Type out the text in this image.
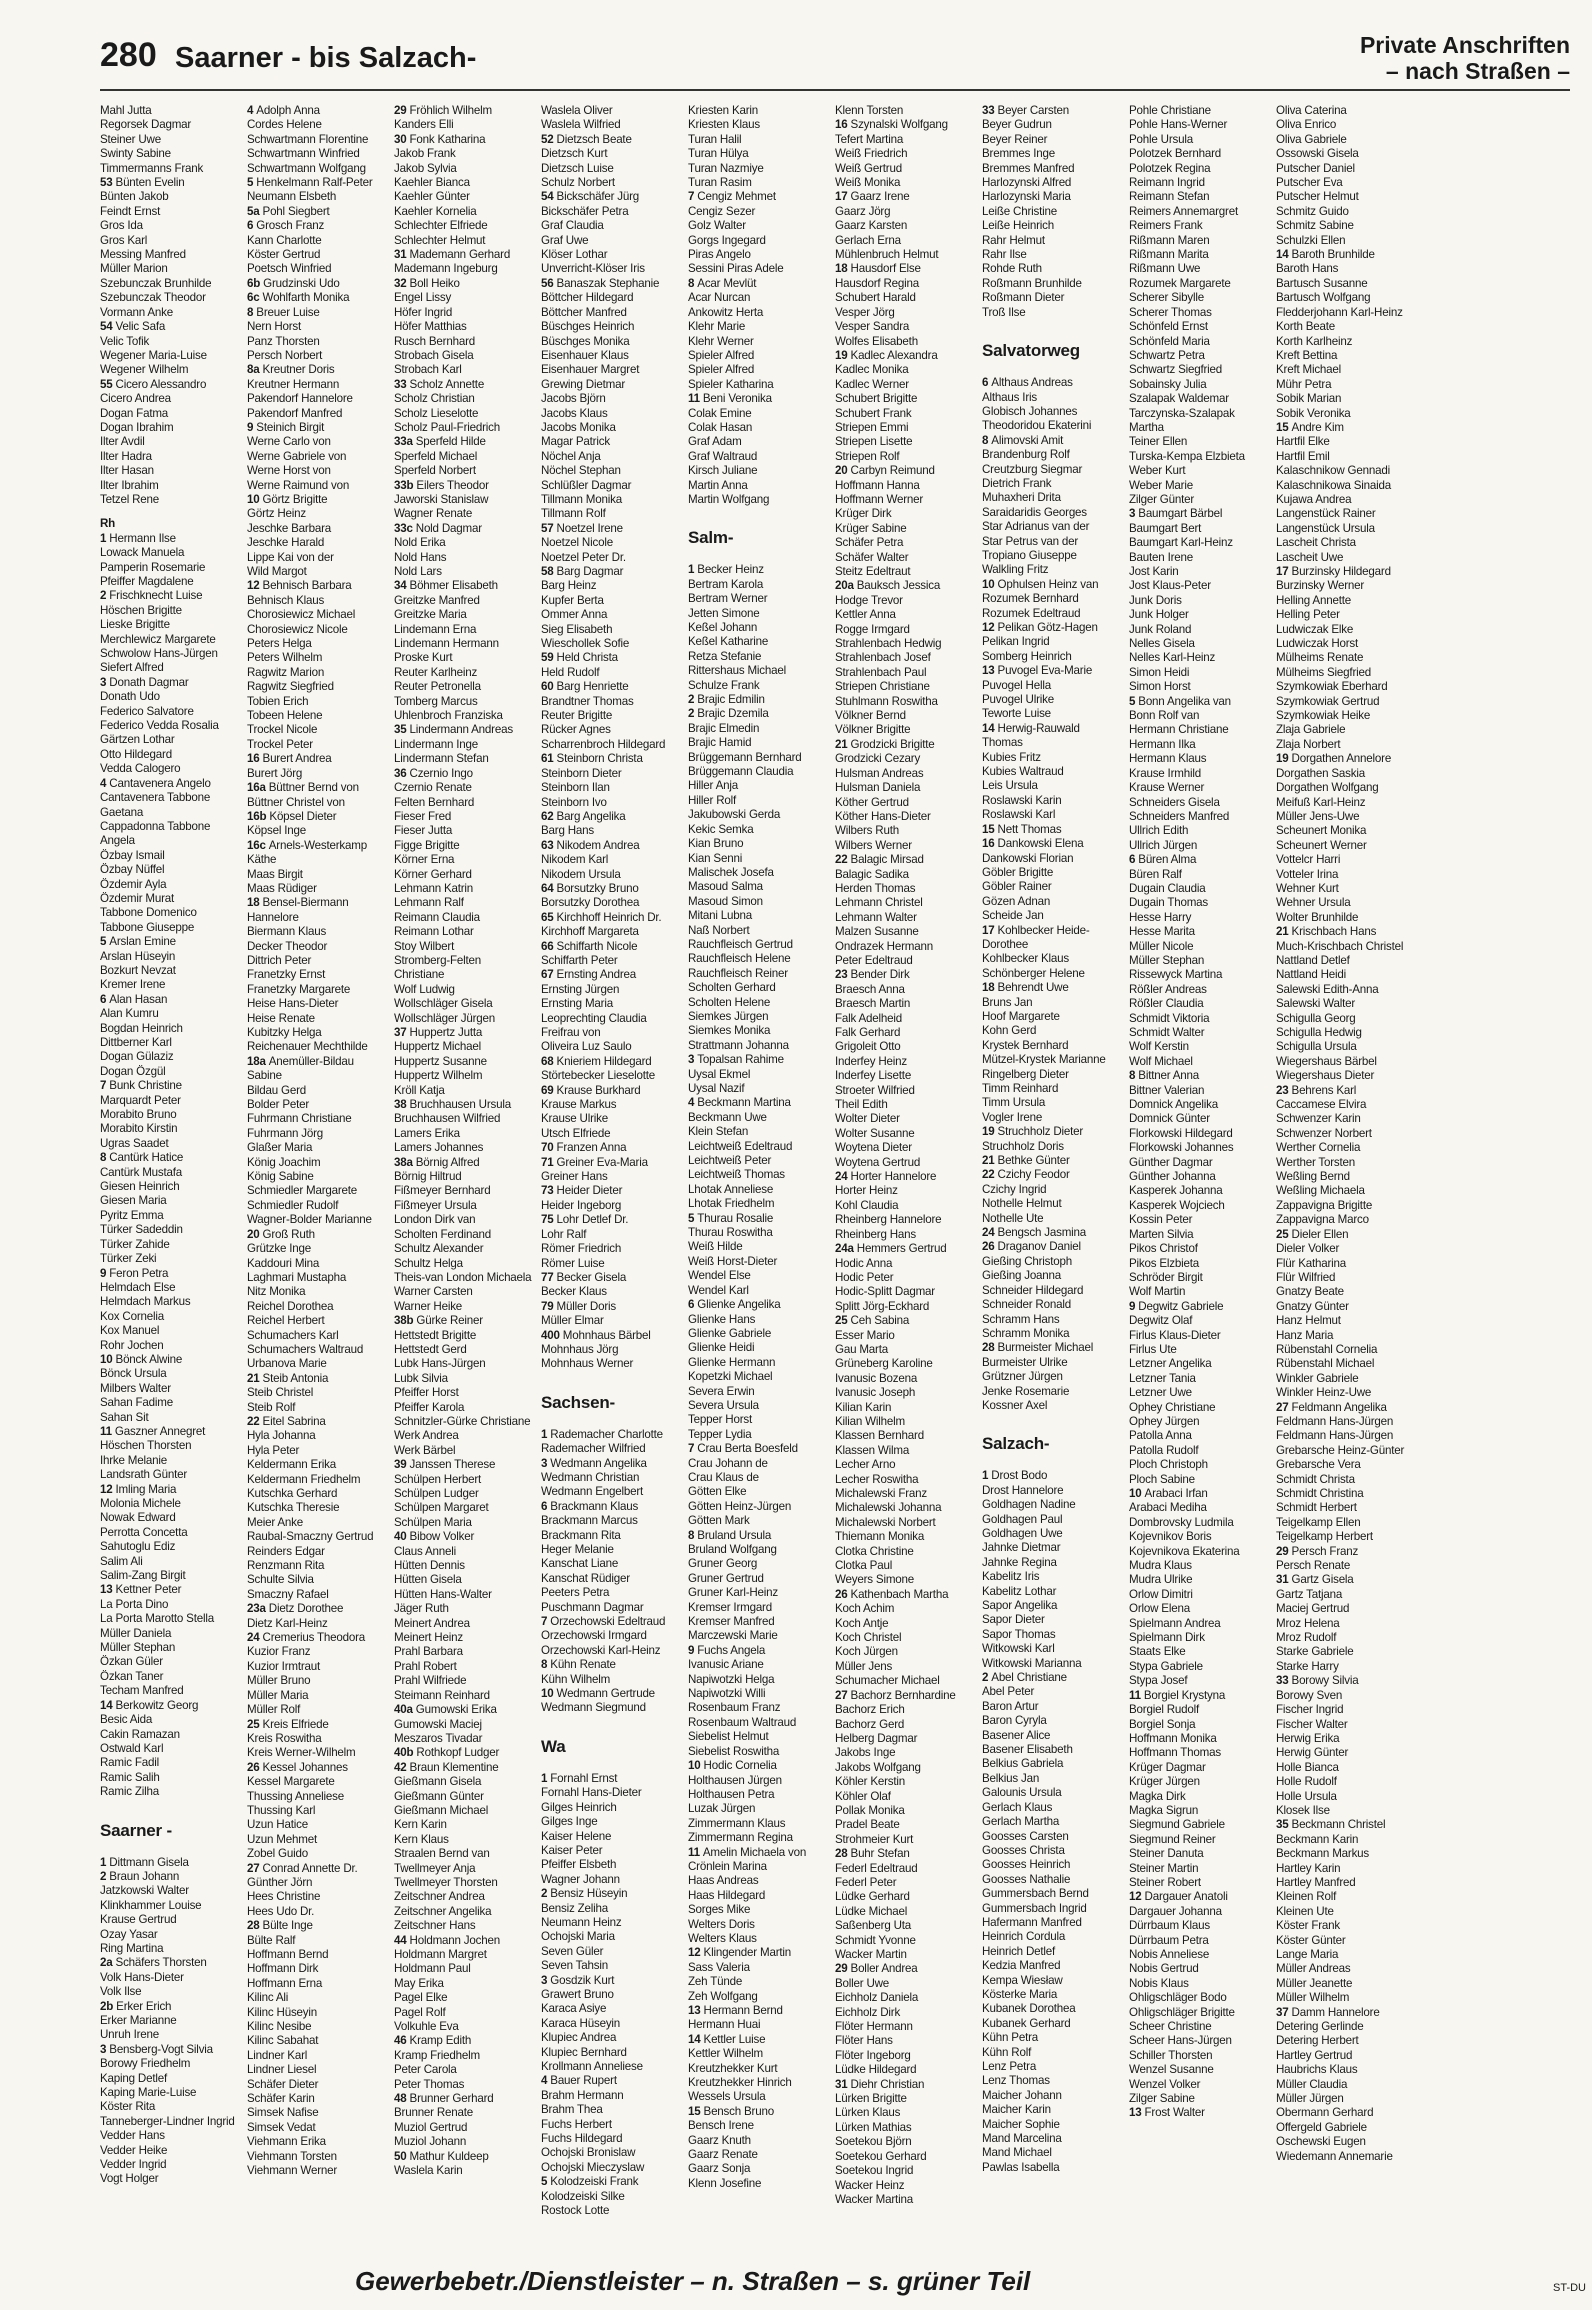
280 Saarner - bis Salzach-	Private Anschriften
– nach Straßen –
Mahl Jutta
Regorsek Dagmar
Steiner Uwe
Swinty Sabine
Timmermanns Frank
53 Bünten Evelin
Bünten Jakob
Feindt Ernst
Gros Ida
Gros Karl
Messing Manfred
Müller Marion
Szebunczak Brunhilde
Szebunczak Theodor
Vormann Anke
54 Velic Safa
Velic Tofik
Wegener Maria-Luise
Wegener Wilhelm
55 Cicero Alessandro
Cicero Andrea
Dogan Fatma
Dogan Ibrahim
Ilter Avdil
Ilter Hadra
Ilter Hasan
Ilter Ibrahim
Tetzel Rene
Rh
1 Hermann Ilse
Lowack Manuela
Pamperin Rosemarie
Pfeiffer Magdalene
2 Frischknecht Luise
Höschen Brigitte
Lieske Brigitte
Merchlewicz Margarete
Schwolow Hans-Jürgen
Siefert Alfred
3 Donath Dagmar
Donath Udo
Federico Salvatore
Federico Vedda Rosalia
Gärtzen Lothar
Otto Hildegard
Vedda Calogero
4 Cantavenera Angelo
Cantavenera Tabbone
Gaetana
Cappadonna Tabbone
Angela
Özbay Ismail
Özbay Nüffel
Özdemir Ayla
Özdemir Murat
Tabbone Domenico
Tabbone Giuseppe
5 Arslan Emine
Arslan Hüseyin
Bozkurt Nevzat
Kremer Irene
6 Alan Hasan
Alan Kumru
Bogdan Heinrich
Dittberner Karl
Dogan Gülaziz
Dogan Özgül
7 Bunk Christine
Marquardt Peter
Morabito Bruno
Morabito Kirstin
Ugras Saadet
8 Cantürk Hatice
Cantürk Mustafa
Giesen Heinrich
Giesen Maria
Pyritz Emma
Türker Sadeddin
Türker Zahide
Türker Zeki
9 Feron Petra
Helmdach Else
Helmdach Markus
Kox Cornelia
Kox Manuel
Rohr Jochen
10 Bönck Alwine
Bönck Ursula
Milbers Walter
Sahan Fadime
Sahan Sit
11 Gaszner Annegret
Höschen Thorsten
Ihrke Melanie
Landsrath Günter
12 Imling Maria
Molonia Michele
Nowak Edward
Perrotta Concetta
Sahutoglu Ediz
Salim Ali
Salim-Zang Birgit
13 Kettner Peter
La Porta Dino
La Porta Marotto Stella
Müller Daniela
Müller Stephan
Özkan Güler
Özkan Taner
Techam Manfred
14 Berkowitz Georg
Besic Aida
Cakin Ramazan
Ostwald Karl
Ramic Fadil
Ramic Salih
Ramic Zilha
Saarner -
1 Dittmann Gisela
2 Braun Johann
Jatzkowski Walter
Klinkhammer Louise
Krause Gertrud
Ozay Yasar
Ring Martina
2a Schäfers Thorsten
Volk Hans-Dieter
Volk Ilse
2b Erker Erich
Erker Marianne
Unruh Irene
3 Bensberg-Vogt Silvia
Borowy Friedhelm
Kaping Detlef
Kaping Marie-Luise
Köster Rita
Tanneberger-Lindner Ingrid
Vedder Hans
Vedder Heike
Vedder Ingrid
Vogt Holger
4 Adolph Anna
Cordes Helene
Schwartmann Florentine
Schwartmann Winfried
Schwartmann Wolfgang
5 Henkelmann Ralf-Peter
Neumann Elsbeth
5a Pohl Siegbert
6 Grosch Franz
Kann Charlotte
Köster Gertrud
Poetsch Winfried
6b Grudzinski Udo
6c Wohlfarth Monika
8 Breuer Luise
Nern Horst
Panz Thorsten
Persch Norbert
8a Kreutner Doris
Kreutner Hermann
Pakendorf Hannelore
Pakendorf Manfred
9 Steinich Birgit
Werne Carlo von
Werne Gabriele von
Werne Horst von
Werne Raimund von
10 Görtz Brigitte
Görtz Heinz
Jeschke Barbara
Jeschke Harald
Lippe Kai von der
Wild Margot
12 Behnisch Barbara
Behnisch Klaus
Chorosiewicz Michael
Chorosiewicz Nicole
Peters Helga
Peters Wilhelm
Ragwitz Marion
Ragwitz Siegfried
Tobien Erich
Tobeen Helene
Trockel Nicole
Trockel Peter
16 Burert Andrea
Burert Jörg
16a Büttner Bernd von
Büttner Christel von
16b Köpsel Dieter
Köpsel Inge
16c Arnels-Westerkamp
Käthe
Maas Birgit
Maas Rüdiger
18 Bensel-Biermann
Hannelore
Biermann Klaus
Decker Theodor
Dittrich Peter
Franetzky Ernst
Franetzky Margarete
Heise Hans-Dieter
Heise Renate
Kubitzky Helga
Reichenauer Mechthilde
18a Anemüller-Bildau
Sabine
Bildau Gerd
Bolder Peter
Fuhrmann Christiane
Fuhrmann Jörg
Glaßer Maria
König Joachim
König Sabine
Schmiedler Margarete
Schmiedler Rudolf
Wagner-Bolder Marianne
20 Groß Ruth
Grützke Inge
Kaddouri Mina
Laghmari Mustapha
Nitz Monika
Reichel Dorothea
Reichel Herbert
Schumachers Karl
Schumachers Waltraud
Urbanova Marie
21 Steib Antonia
Steib Christel
Steib Rolf
22 Eitel Sabrina
Hyla Johanna
Hyla Peter
Keldermann Erika
Keldermann Friedhelm
Kutschka Gerhard
Kutschka Theresie
Meier Anke
Raubal-Smaczny Gertrud
Reinders Edgar
Renzmann Rita
Schulte Silvia
Smaczny Rafael
23a Dietz Dorothee
Dietz Karl-Heinz
24 Cremerius Theodora
Kuzior Franz
Kuzior Irmtraut
Müller Bruno
Müller Maria
Müller Rolf
25 Kreis Elfriede
Kreis Roswitha
Kreis Werner-Wilhelm
26 Kessel Johannes
Kessel Margarete
Thussing Anneliese
Thussing Karl
Uzun Hatice
Uzun Mehmet
Zobel Guido
27 Conrad Annette Dr.
Günther Jörn
Hees Christine
Hees Udo Dr.
28 Bülte Inge
Bülte Ralf
Hoffmann Bernd
Hoffmann Dirk
Hoffmann Erna
Kilinc Ali
Kilinc Hüseyin
Kilinc Nesibe
Kilinc Sabahat
Lindner Karl
Lindner Liesel
Schäfer Dieter
Schäfer Karin
Simsek Nafise
Simsek Vedat
Viehmann Erika
Viehmann Torsten
Viehmann Werner
29 Fröhlich Wilhelm
Kanders Elli
30 Fonk Katharina
Jakob Frank
Jakob Sylvia
Kaehler Bianca
Kaehler Günter
Kaehler Kornelia
Schlechter Elfriede
Schlechter Helmut
31 Mademann Gerhard
Mademann Ingeburg
32 Boll Heiko
Engel Lissy
Höfer Ingrid
Höfer Matthias
Rusch Bernhard
Strobach Gisela
Strobach Karl
33 Scholz Annette
Scholz Christian
Scholz Lieselotte
Scholz Paul-Friedrich
33a Sperfeld Hilde
Sperfeld Michael
Sperfeld Norbert
33b Eilers Theodor
Jaworski Stanislaw
Wagner Renate
33c Nold Dagmar
Nold Erika
Nold Hans
Nold Lars
34 Böhmer Elisabeth
Greitzke Manfred
Greitzke Maria
Lindemann Erna
Lindemann Hermann
Proske Kurt
Reuter Karlheinz
Reuter Petronella
Tomberg Marcus
Uhlenbroch Franziska
35 Lindermann Andreas
Lindermann Inge
Lindermann Stefan
36 Czernio Ingo
Czernio Renate
Felten Bernhard
Fieser Fred
Fieser Jutta
Figge Brigitte
Körner Erna
Körner Gerhard
Lehmann Katrin
Lehmann Ralf
Reimann Claudia
Reimann Lothar
Stoy Wilbert
Stromberg-Felten
Christiane
Wolf Ludwig
Wollschläger Gisela
Wollschläger Jürgen
37 Huppertz Jutta
Huppertz Michael
Huppertz Susanne
Huppertz Wilhelm
Kröll Katja
38 Bruchhausen Ursula
Bruchhausen Wilfried
Lamers Erika
Lamers Johannes
38a Börnig Alfred
Börnig Hiltrud
Fißmeyer Bernhard
Fißmeyer Ursula
London Dirk van
Scholten Ferdinand
Schultz Alexander
Schultz Helga
Theis-van London Michaela
Warner Carsten
Warner Heike
38b Gürke Reiner
Hettstedt Brigitte
Hettstedt Gerd
Lubk Hans-Jürgen
Lubk Silvia
Pfeiffer Horst
Pfeiffer Karola
Schnitzler-Gürke Christiane
Werk Andrea
Werk Bärbel
39 Janssen Therese
Schülpen Herbert
Schülpen Ludger
Schülpen Margaret
Schülpen Maria
40 Bibow Volker
Claus Anneli
Hütten Dennis
Hütten Gisela
Hütten Hans-Walter
Jäger Ruth
Meinert Andrea
Meinert Heinz
Prahl Barbara
Prahl Robert
Prahl Wilfriede
Steimann Reinhard
40a Gumowski Erika
Gumowski Maciej
Meszaros Tivadar
40b Rothkopf Ludger
42 Braun Klementine
Gießmann Gisela
Gießmann Günter
Gießmann Michael
Kern Karin
Kern Klaus
Straalen Bernd van
Twellmeyer Anja
Twellmeyer Thorsten
Zeitschner Andrea
Zeitschner Angelika
Zeitschner Hans
44 Holdmann Jochen
Holdmann Margret
Holdmann Paul
May Erika
Pagel Elke
Pagel Rolf
Volkuhle Eva
46 Kramp Edith
Kramp Friedhelm
Peter Carola
Peter Thomas
48 Brunner Gerhard
Brunner Renate
Muziol Gertrud
Muziol Johann
50 Mathur Kuldeep
Waslela Karin
Waslela Oliver
Waslela Wilfried
52 Dietzsch Beate
Dietzsch Kurt
Dietzsch Luise
Schulz Norbert
54 Bickschäfer Jürg
Bickschäfer Petra
Graf Claudia
Graf Uwe
Klöser Lothar
Unverricht-Klöser Iris
56 Banaszak Stephanie
Böttcher Hildegard
Böttcher Manfred
Büschges Heinrich
Büschges Monika
Eisenhauer Klaus
Eisenhauer Margret
Grewing Dietmar
Jacobs Björn
Jacobs Klaus
Jacobs Monika
Magar Patrick
Nöchel Anja
Nöchel Stephan
Schlüßler Dagmar
Tillmann Monika
Tillmann Rolf
57 Noetzel Irene
Noetzel Nicole
Noetzel Peter Dr.
58 Barg Dagmar
Barg Heinz
Kupfer Berta
Ommer Anna
Sieg Elisabeth
Wieschollek Sofie
59 Held Christa
Held Rudolf
60 Barg Henriette
Brandtner Thomas
Reuter Brigitte
Rücker Agnes
Scharrenbroch Hildegard
61 Steinborn Christa
Steinborn Dieter
Steinborn Ilan
Steinborn Ivo
62 Barg Angelika
Barg Hans
63 Nikodem Andrea
Nikodem Karl
Nikodem Ursula
64 Borsutzky Bruno
Borsutzky Dorothea
65 Kirchhoff Heinrich Dr.
Kirchhoff Margareta
66 Schiffarth Nicole
Schiffarth Peter
67 Ernsting Andrea
Ernsting Jürgen
Ernsting Maria
Leoprechting Claudia
Freifrau von
Oliveira Luz Saulo
68 Knieriem Hildegard
Störtebecker Lieselotte
69 Krause Burkhard
Krause Markus
Krause Ulrike
Utsch Elfriede
70 Franzen Anna
71 Greiner Eva-Maria
Greiner Hans
73 Heider Dieter
Heider Ingeborg
75 Lohr Detlef Dr.
Lohr Ralf
Römer Friedrich
Römer Luise
77 Becker Gisela
Becker Klaus
79 Müller Doris
Müller Elmar
400 Mohnhaus Bärbel
Mohnhaus Jörg
Mohnhaus Werner
Sachsen-
1 Rademacher Charlotte
Rademacher Wilfried
3 Wedmann Angelika
Wedmann Christian
Wedmann Engelbert
6 Brackmann Klaus
Brackmann Marcus
Brackmann Rita
Heger Melanie
Kanschat Liane
Kanschat Rüdiger
Peeters Petra
Puschmann Dagmar
7 Orzechowski Edeltraud
Orzechowski Irmgard
Orzechowski Karl-Heinz
8 Kühn Renate
Kühn Wilhelm
10 Wedmann Gertrude
Wedmann Siegmund
Wa
1 Fornahl Ernst
Fornahl Hans-Dieter
Gilges Heinrich
Gilges Inge
Kaiser Helene
Kaiser Peter
Pfeiffer Elsbeth
Wagner Johann
2 Bensiz Hüseyin
Bensiz Zeliha
Neumann Heinz
Ochojski Maria
Seven Güler
Seven Tahsin
3 Gosdzik Kurt
Grawert Bruno
Karaca Asiye
Karaca Hüseyin
Klupiec Andrea
Klupiec Bernhard
Krollmann Anneliese
4 Bauer Rupert
Brahm Hermann
Brahm Thea
Fuchs Herbert
Fuchs Hildegard
Ochojski Bronislaw
Ochojski Mieczyslaw
5 Kolodzeiski Frank
Kolodzeiski Silke
Rostock Lotte
Kriesten Karin
Kriesten Klaus
Turan Halil
Turan Hülya
Turan Nazmiye
Turan Rasim
7 Cengiz Mehmet
Cengiz Sezer
Golz Walter
Gorgs Ingegard
Piras Angelo
Sessini Piras Adele
8 Acar Mevlüt
Acar Nurcan
Ankowitz Herta
Klehr Marie
Klehr Werner
Spieler Alfred
Spieler Alfred
Spieler Katharina
11 Beni Veronika
Colak Emine
Colak Hasan
Graf Adam
Graf Waltraud
Kirsch Juliane
Martin Anna
Martin Wolfgang
Salm-
1 Becker Heinz
Bertram Karola
Bertram Werner
Jetten Simone
Keßel Johann
Keßel Katharine
Retza Stefanie
Rittershaus Michael
Schulze Frank
2 Brajic Edmilin
2 Brajic Dzemila
Brajic Elmedin
Brajic Hamid
Brüggemann Bernhard
Brüggemann Claudia
Hiller Anja
Hiller Rolf
Jakubowski Gerda
Kekic Semka
Kian Bruno
Kian Senni
Malischek Josefa
Masoud Salma
Masoud Simon
Mitani Lubna
Naß Norbert
Rauchfleisch Gertrud
Rauchfleisch Helene
Rauchfleisch Reiner
Scholten Gerhard
Scholten Helene
Siemkes Jürgen
Siemkes Monika
Strattmann Johanna
3 Topalsan Rahime
Uysal Ekmel
Uysal Nazif
4 Beckmann Martina
Beckmann Uwe
Klein Stefan
Leichtweiß Edeltraud
Leichtweiß Peter
Leichtweiß Thomas
Lhotak Anneliese
Lhotak Friedhelm
5 Thurau Rosalie
Thurau Roswitha
Weiß Hilde
Weiß Horst-Dieter
Wendel Else
Wendel Karl
6 Glienke Angelika
Glienke Hans
Glienke Gabriele
Glienke Heidi
Glienke Hermann
Kopetzki Michael
Severa Erwin
Severa Ursula
Tepper Horst
Tepper Lydia
7 Crau Berta Boesfeld
Crau Johann de
Crau Klaus de
Götten Elke
Götten Heinz-Jürgen
Götten Mark
8 Bruland Ursula
Bruland Wolfgang
Gruner Georg
Gruner Gertrud
Gruner Karl-Heinz
Kremser Irmgard
Kremser Manfred
Marczewski Marie
9 Fuchs Angela
Ivanusic Ariane
Napiwotzki Helga
Napiwotzki Willi
Rosenbaum Franz
Rosenbaum Waltraud
Siebelist Helmut
Siebelist Roswitha
10 Hodic Cornelia
Holthausen Jürgen
Holthausen Petra
Luzak Jürgen
Zimmermann Klaus
Zimmermann Regina
11 Amelin Michaela von
Crönlein Marina
Haas Andreas
Haas Hildegard
Sorges Mike
Welters Doris
Welters Klaus
12 Klingender Martin
Sass Valeria
Zeh Tünde
Zeh Wolfgang
13 Hermann Bernd
Hermann Huai
14 Kettler Luise
Kettler Wilhelm
Kreutzhekker Kurt
Kreutzhekker Hinrich
Wessels Ursula
15 Bensch Bruno
Bensch Irene
Gaarz Knuth
Gaarz Renate
Gaarz Sonja
Klenn Josefine
Klenn Torsten
16 Szynalski Wolfgang
Tefert Martina
Weiß Friedrich
Weiß Gertrud
Weiß Monika
17 Gaarz Irene
Gaarz Jörg
Gaarz Karsten
Gerlach Erna
Mühlenbruch Helmut
18 Hausdorf Else
Hausdorf Regina
Schubert Harald
Vesper Jörg
Vesper Sandra
Wolfes Elisabeth
19 Kadlec Alexandra
Kadlec Monika
Kadlec Werner
Schubert Brigitte
Schubert Frank
Striepen Emmi
Striepen Lisette
Striepen Rolf
20 Carbyn Reimund
Hoffmann Hanna
Hoffmann Werner
Krüger Dirk
Krüger Sabine
Schäfer Petra
Schäfer Walter
Steitz Edeltraut
20a Bauksch Jessica
Hodge Trevor
Kettler Anna
Rogge Irmgard
Strahlenbach Hedwig
Strahlenbach Josef
Strahlenbach Paul
Striepen Christiane
Stuhlmann Roswitha
Völkner Bernd
Völkner Brigitte
21 Grodzicki Brigitte
Grodzicki Cezary
Hulsman Andreas
Hulsman Daniela
Köther Gertrud
Köther Hans-Dieter
Wilbers Ruth
Wilbers Werner
22 Balagic Mirsad
Balagic Sadika
Herden Thomas
Lehmann Christel
Lehmann Walter
Malzen Susanne
Ondrazek Hermann
Peter Edeltraud
23 Bender Dirk
Braesch Anna
Braesch Martin
Falk Adelheid
Falk Gerhard
Grigoleit Otto
Inderfey Heinz
Inderfey Lisette
Stroeter Wilfried
Theil Edith
Wolter Dieter
Wolter Susanne
Woytena Dieter
Woytena Gertrud
24 Horter Hannelore
Horter Heinz
Kohl Claudia
Rheinberg Hannelore
Rheinberg Hans
24a Hemmers Gertrud
Hodic Anna
Hodic Peter
Hodic-Splitt Dagmar
Splitt Jörg-Eckhard
25 Ceh Sabina
Esser Mario
Gau Marta
Grüneberg Karoline
Ivanusic Bozena
Ivanusic Joseph
Kilian Karin
Kilian Wilhelm
Klassen Bernhard
Klassen Wilma
Lecher Arno
Lecher Roswitha
Michalewski Franz
Michalewski Johanna
Michalewski Norbert
Thiemann Monika
Clotka Christine
Clotka Paul
Weyers Simone
26 Kathenbach Martha
Koch Achim
Koch Antje
Koch Christel
Koch Jürgen
Müller Jens
Schumacher Michael
27 Bachorz Bernhardine
Bachorz Erich
Bachorz Gerd
Helberg Dagmar
Jakobs Inge
Jakobs Wolfgang
Köhler Kerstin
Köhler Olaf
Pollak Monika
Pradel Beate
Strohmeier Kurt
28 Buhr Stefan
Federl Edeltraud
Federl Peter
Lüdke Gerhard
Lüdke Michael
Saßenberg Uta
Schmidt Yvonne
Wacker Martin
29 Boller Andrea
Boller Uwe
Eichholz Daniela
Eichholz Dirk
Flöter Hermann
Flöter Hans
Flöter Ingeborg
Lüdke Hildegard
31 Diehr Christian
Lürken Brigitte
Lürken Klaus
Lürken Mathias
Soetekou Björn
Soetekou Gerhard
Soetekou Ingrid
Wacker Heinz
Wacker Martina
33 Beyer Carsten
Beyer Gudrun
Beyer Reiner
Bremmes Inge
Bremmes Manfred
Harlozynski Alfred
Harlozynski Maria
Leiße Christine
Leiße Heinrich
Rahr Helmut
Rahr Ilse
Rohde Ruth
Roßmann Brunhilde
Roßmann Dieter
Troß Ilse
Salvatorweg
6 Althaus Andreas
Althaus Iris
Globisch Johannes
Theodoridou Ekaterini
8 Alimovski Amit
Brandenburg Rolf
Creutzburg Siegmar
Dietrich Frank
Muhaxheri Drita
Saraidaridis Georges
Star Adrianus van der
Star Petrus van der
Tropiano Giuseppe
Walkling Fritz
10 Ophulsen Heinz van
Rozumek Bernhard
Rozumek Edeltraud
12 Pelikan Götz-Hagen
Pelikan Ingrid
Somberg Heinrich
13 Puvogel Eva-Marie
Puvogel Hella
Puvogel Ulrike
Teworte Luise
14 Herwig-Rauwald
Thomas
Kubies Fritz
Kubies Waltraud
Leis Ursula
Roslawski Karin
Roslawski Karl
15 Nett Thomas
16 Dankowski Elena
Dankowski Florian
Göbler Brigitte
Göbler Rainer
Gözen Adnan
Scheide Jan
17 Kohlbecker Heide-
Dorothee
Kohlbecker Klaus
Schönberger Helene
18 Behrendt Uwe
Bruns Jan
Hoof Margarete
Kohn Gerd
Krystek Bernhard
Mützel-Krystek Marianne
Ringelberg Dieter
Timm Reinhard
Timm Ursula
Vogler Irene
19 Struchholz Dieter
Struchholz Doris
21 Bethke Günter
22 Czichy Feodor
Czichy Ingrid
Nothelle Helmut
Nothelle Ute
24 Bengsch Jasmina
26 Draganov Daniel
Gießing Christoph
Gießing Joanna
Schneider Hildegard
Schneider Ronald
Schramm Hans
Schramm Monika
28 Burmeister Michael
Burmeister Ulrike
Grützner Jürgen
Jenke Rosemarie
Kossner Axel
Salzach-
1 Drost Bodo
Drost Hannelore
Goldhagen Nadine
Goldhagen Paul
Goldhagen Uwe
Jahnke Dietmar
Jahnke Regina
Kabelitz Iris
Kabelitz Lothar
Sapor Angelika
Sapor Dieter
Sapor Thomas
Witkowski Karl
Witkowski Marianna
2 Abel Christiane
Abel Peter
Baron Artur
Baron Cyryla
Basener Alice
Basener Elisabeth
Belkius Gabriela
Belkius Jan
Galounis Ursula
Gerlach Klaus
Gerlach Martha
Goosses Carsten
Goosses Christa
Goosses Heinrich
Goosses Nathalie
Gummersbach Bernd
Gummersbach Ingrid
Hafermann Manfred
Heinrich Cordula
Heinrich Detlef
Kedzia Manfred
Kempa Wiesław
Kösterke Maria
Kubanek Dorothea
Kubanek Gerhard
Kühn Petra
Kühn Rolf
Lenz Petra
Lenz Thomas
Maicher Johann
Maicher Karin
Maicher Sophie
Mand Marcelina
Mand Michael
Pawlas Isabella
Pohle Christiane
Pohle Hans-Werner
Pohle Ursula
Polotzek Bernhard
Polotzek Regina
Reimann Ingrid
Reimann Stefan
Reimers Annemargret
Reimers Frank
Rißmann Maren
Rißmann Marita
Rißmann Uwe
Rozumek Margarete
Scherer Sibylle
Scherer Thomas
Schönfeld Ernst
Schönfeld Maria
Schwartz Petra
Schwartz Siegfried
Sobainsky Julia
Szalapak Waldemar
Tarczynska-Szalapak
Martha
Teiner Ellen
Turska-Kempa Elzbieta
Weber Kurt
Weber Marie
Zilger Günter
3 Baumgart Bärbel
Baumgart Bert
Baumgart Karl-Heinz
Bauten Irene
Jost Karin
Jost Klaus-Peter
Junk Doris
Junk Holger
Junk Roland
Nelles Gisela
Nelles Karl-Heinz
Simon Heidi
Simon Horst
5 Bonn Angelika van
Bonn Rolf van
Hermann Christiane
Hermann Ilka
Hermann Klaus
Krause Irmhild
Krause Werner
Schneiders Gisela
Schneiders Manfred
Ullrich Edith
Ullrich Jürgen
6 Büren Alma
Büren Ralf
Dugain Claudia
Dugain Thomas
Hesse Harry
Hesse Marita
Müller Nicole
Müller Stephan
Rissewyck Martina
Rößler Andreas
Rößler Claudia
Schmidt Viktoria
Schmidt Walter
Wolf Kerstin
Wolf Michael
8 Bittner Anna
Bittner Valerian
Domnick Angelika
Domnick Günter
Florkowski Hildegard
Florkowski Johannes
Günther Dagmar
Günther Johanna
Kasperek Johanna
Kasperek Wojciech
Kossin Peter
Marten Silvia
Pikos Christof
Pikos Elzbieta
Schröder Birgit
Wolf Martin
9 Degwitz Gabriele
Degwitz Olaf
Firlus Klaus-Dieter
Firlus Ute
Letzner Angelika
Letzner Tania
Letzner Uwe
Ophey Christiane
Ophey Jürgen
Patolla Anna
Patolla Rudolf
Ploch Christoph
Ploch Sabine
10 Arabaci Irfan
Arabaci Mediha
Dombrovsky Ludmila
Kojevnikov Boris
Kojevnikova Ekaterina
Mudra Klaus
Mudra Ulrike
Orlow Dimitri
Orlow Elena
Spielmann Andrea
Spielmann Dirk
Staats Elke
Stypa Gabriele
Stypa Josef
11 Borgiel Krystyna
Borgiel Rudolf
Borgiel Sonja
Hoffmann Monika
Hoffmann Thomas
Krüger Dagmar
Krüger Jürgen
Magka Dirk
Magka Sigrun
Siegmund Gabriele
Siegmund Reiner
Steiner Danuta
Steiner Martin
Steiner Robert
12 Dargauer Anatoli
Dargauer Johanna
Dürrbaum Klaus
Dürrbaum Petra
Nobis Anneliese
Nobis Gertrud
Nobis Klaus
Ohligschläger Bodo
Ohligschläger Brigitte
Scheer Christine
Scheer Hans-Jürgen
Schiller Thorsten
Wenzel Susanne
Wenzel Volker
Zilger Sabine
13 Frost Walter
Oliva Caterina
Oliva Enrico
Oliva Gabriele
Ossowski Gisela
Putscher Daniel
Putscher Eva
Putscher Helmut
Schmitz Guido
Schmitz Sabine
Schulzki Ellen
14 Baroth Brunhilde
Baroth Hans
Bartusch Susanne
Bartusch Wolfgang
Fledderjohann Karl-Heinz
Korth Beate
Korth Karlheinz
Kreft Bettina
Kreft Michael
Mühr Petra
Sobik Marian
Sobik Veronika
15 Andre Kim
Hartfil Elke
Hartfil Emil
Kalaschnikow Gennadi
Kalaschnikowa Sinaida
Kujawa Andrea
Langenstück Rainer
Langenstück Ursula
Lascheit Christa
Lascheit Uwe
17 Burzinsky Hildegard
Burzinsky Werner
Helling Annette
Helling Peter
Ludwiczak Elke
Ludwiczak Horst
Mülheims Renate
Mülheims Siegfried
Szymkowiak Eberhard
Szymkowiak Gertrud
Szymkowiak Heike
Zlaja Gabriele
Zlaja Norbert
19 Dorgathen Annelore
Dorgathen Saskia
Dorgathen Wolfgang
Meifuß Karl-Heinz
Müller Jens-Uwe
Scheunert Monika
Scheunert Werner
Vottelcr Harri
Votteler Irina
Wehner Kurt
Wehner Ursula
Wolter Brunhilde
21 Krischbach Hans
Much-Krischbach Christel
Nattland Detlef
Nattland Heidi
Salewski Edith-Anna
Salewski Walter
Schigulla Georg
Schigulla Hedwig
Schigulla Ursula
Wiegershaus Bärbel
Wiegershaus Dieter
23 Behrens Karl
Caccamese Elvira
Schwenzer Karin
Schwenzer Norbert
Werther Cornelia
Werther Torsten
Weßling Bernd
Weßling Michaela
Zappavigna Brigitte
Zappavigna Marco
25 Dieler Ellen
Dieler Volker
Flür Katharina
Flür Wilfried
Gnatzy Beate
Gnatzy Günter
Hanz Helmut
Hanz Maria
Rübenstahl Cornelia
Rübenstahl Michael
Winkler Gabriele
Winkler Heinz-Uwe
27 Feldmann Angelika
Feldmann Hans-Jürgen
Feldmann Hans-Jürgen
Grebarsche Heinz-Günter
Grebarsche Vera
Schmidt Christa
Schmidt Christina
Schmidt Herbert
Teigelkamp Ellen
Teigelkamp Herbert
29 Persch Franz
Persch Renate
31 Gartz Gisela
Gartz Tatjana
Maciej Gertrud
Mroz Helena
Mroz Rudolf
Starke Gabriele
Starke Harry
33 Borowy Silvia
Borowy Sven
Fischer Ingrid
Fischer Walter
Herwig Erika
Herwig Günter
Holle Bianca
Holle Rudolf
Holle Ursula
Klosek Ilse
35 Beckmann Christel
Beckmann Karin
Beckmann Markus
Hartley Karin
Hartley Manfred
Kleinen Rolf
Kleinen Ute
Köster Frank
Köster Günter
Lange Maria
Müller Andreas
Müller Jeanette
Müller Wilhelm
37 Damm Hannelore
Detering Gerlinde
Detering Herbert
Hartley Gertrud
Haubrichs Klaus
Müller Claudia
Müller Jürgen
Obermann Gerhard
Offergeld Gabriele
Oschewski Eugen
Wiedemann Annemarie
Gewerbebetr./Dienstleister – n. Straßen – s. grüner Teil	ST-DU
